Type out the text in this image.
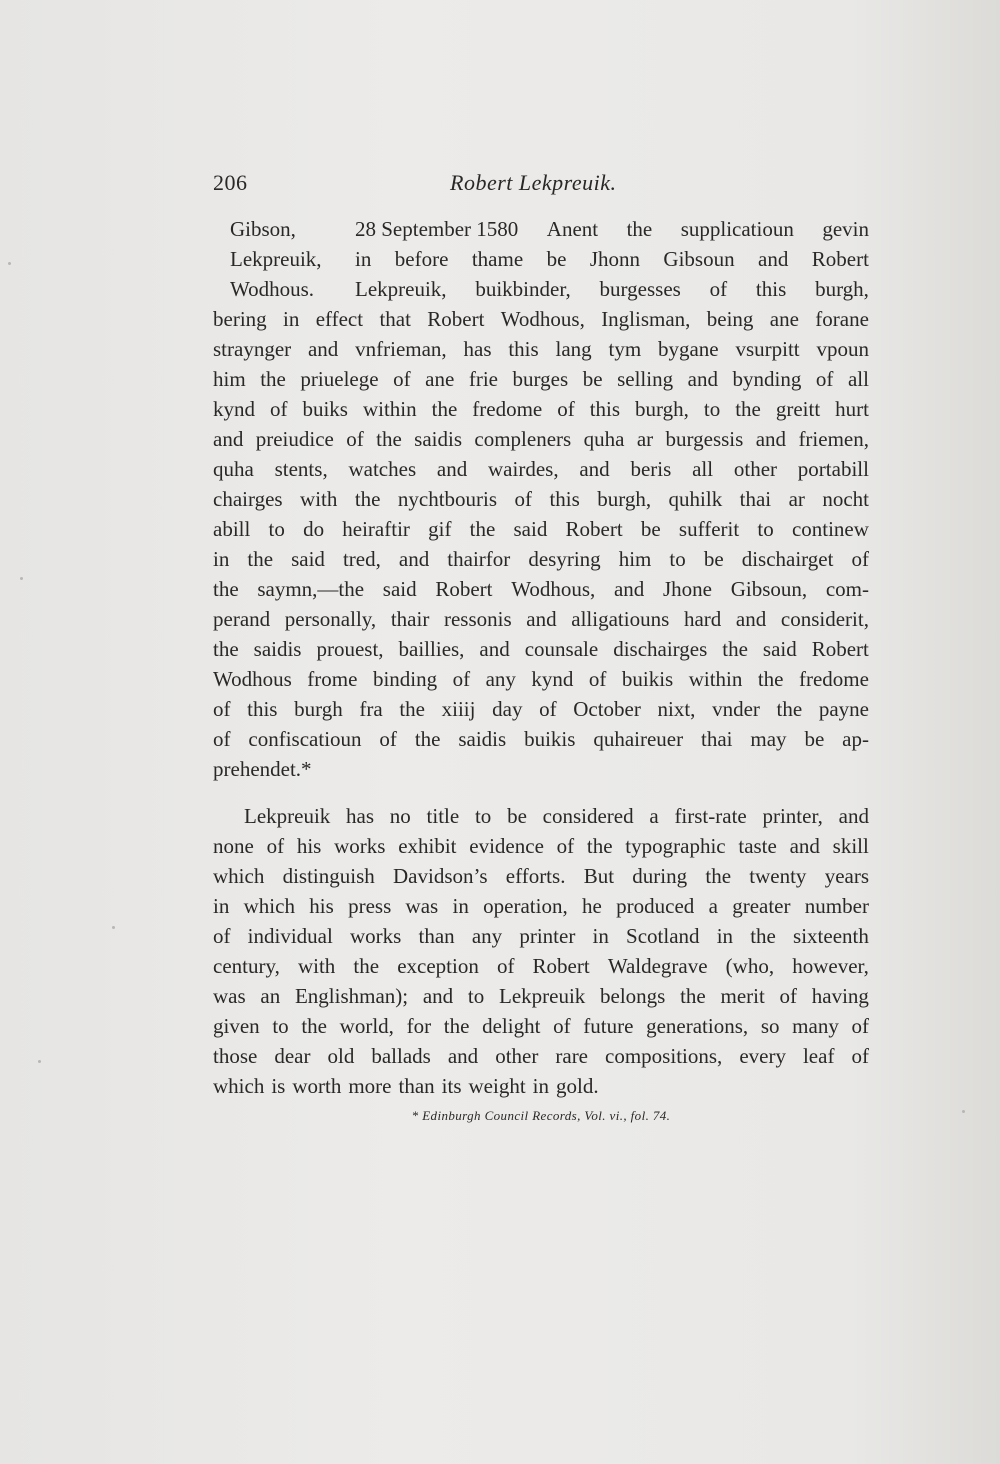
206	Robert Lekpreuik.
Gibson,
Lekpreuik,
Wodhous.
28 September 1580 Anent the supplicatioun gevin
in before thame be Jhonn Gibsoun and Robert
Lekpreuik, buikbinder, burgesses of this burgh,
bering in effect that Robert Wodhous, Inglisman, being ane forane
straynger and vnfrieman, has this lang tym bygane vsurpitt vpoun
him the priuelege of ane frie burges be selling and bynding of all
kynd of buiks within the fredome of this burgh, to the greitt hurt
and preiudice of the saidis compleners quha ar burgessis and friemen,
quha stents, watches and wairdes, and beris all other portabill
chairges with the nychtbouris of this burgh, quhilk thai ar nocht
abill to do heiraftir gif the said Robert be sufferit to continew
in the said tred, and thairfor desyring him to be dischairget of
the saymn,—the said Robert Wodhous, and Jhone Gibsoun, com-
perand personally, thair ressonis and alligatiouns hard and considerit,
the saidis prouest, baillies, and counsale dischairges the said Robert
Wodhous frome binding of any kynd of buikis within the fredome
of this burgh fra the xiiij day of October nixt, vnder the payne
of confiscatioun of the saidis buikis quhaireuer thai may be ap-
prehendet.*
Lekpreuik has no title to be considered a first-rate printer, and
none of his works exhibit evidence of the typographic taste and skill
which distinguish Davidson’s efforts. But during the twenty years
in which his press was in operation, he produced a greater number
of individual works than any printer in Scotland in the sixteenth
century, with the exception of Robert Waldegrave (who, however,
was an Englishman); and to Lekpreuik belongs the merit of having
given to the world, for the delight of future generations, so many of
those dear old ballads and other rare compositions, every leaf of
which is worth more than its weight in gold.
* Edinburgh Council Records, Vol. vi., fol. 74.
